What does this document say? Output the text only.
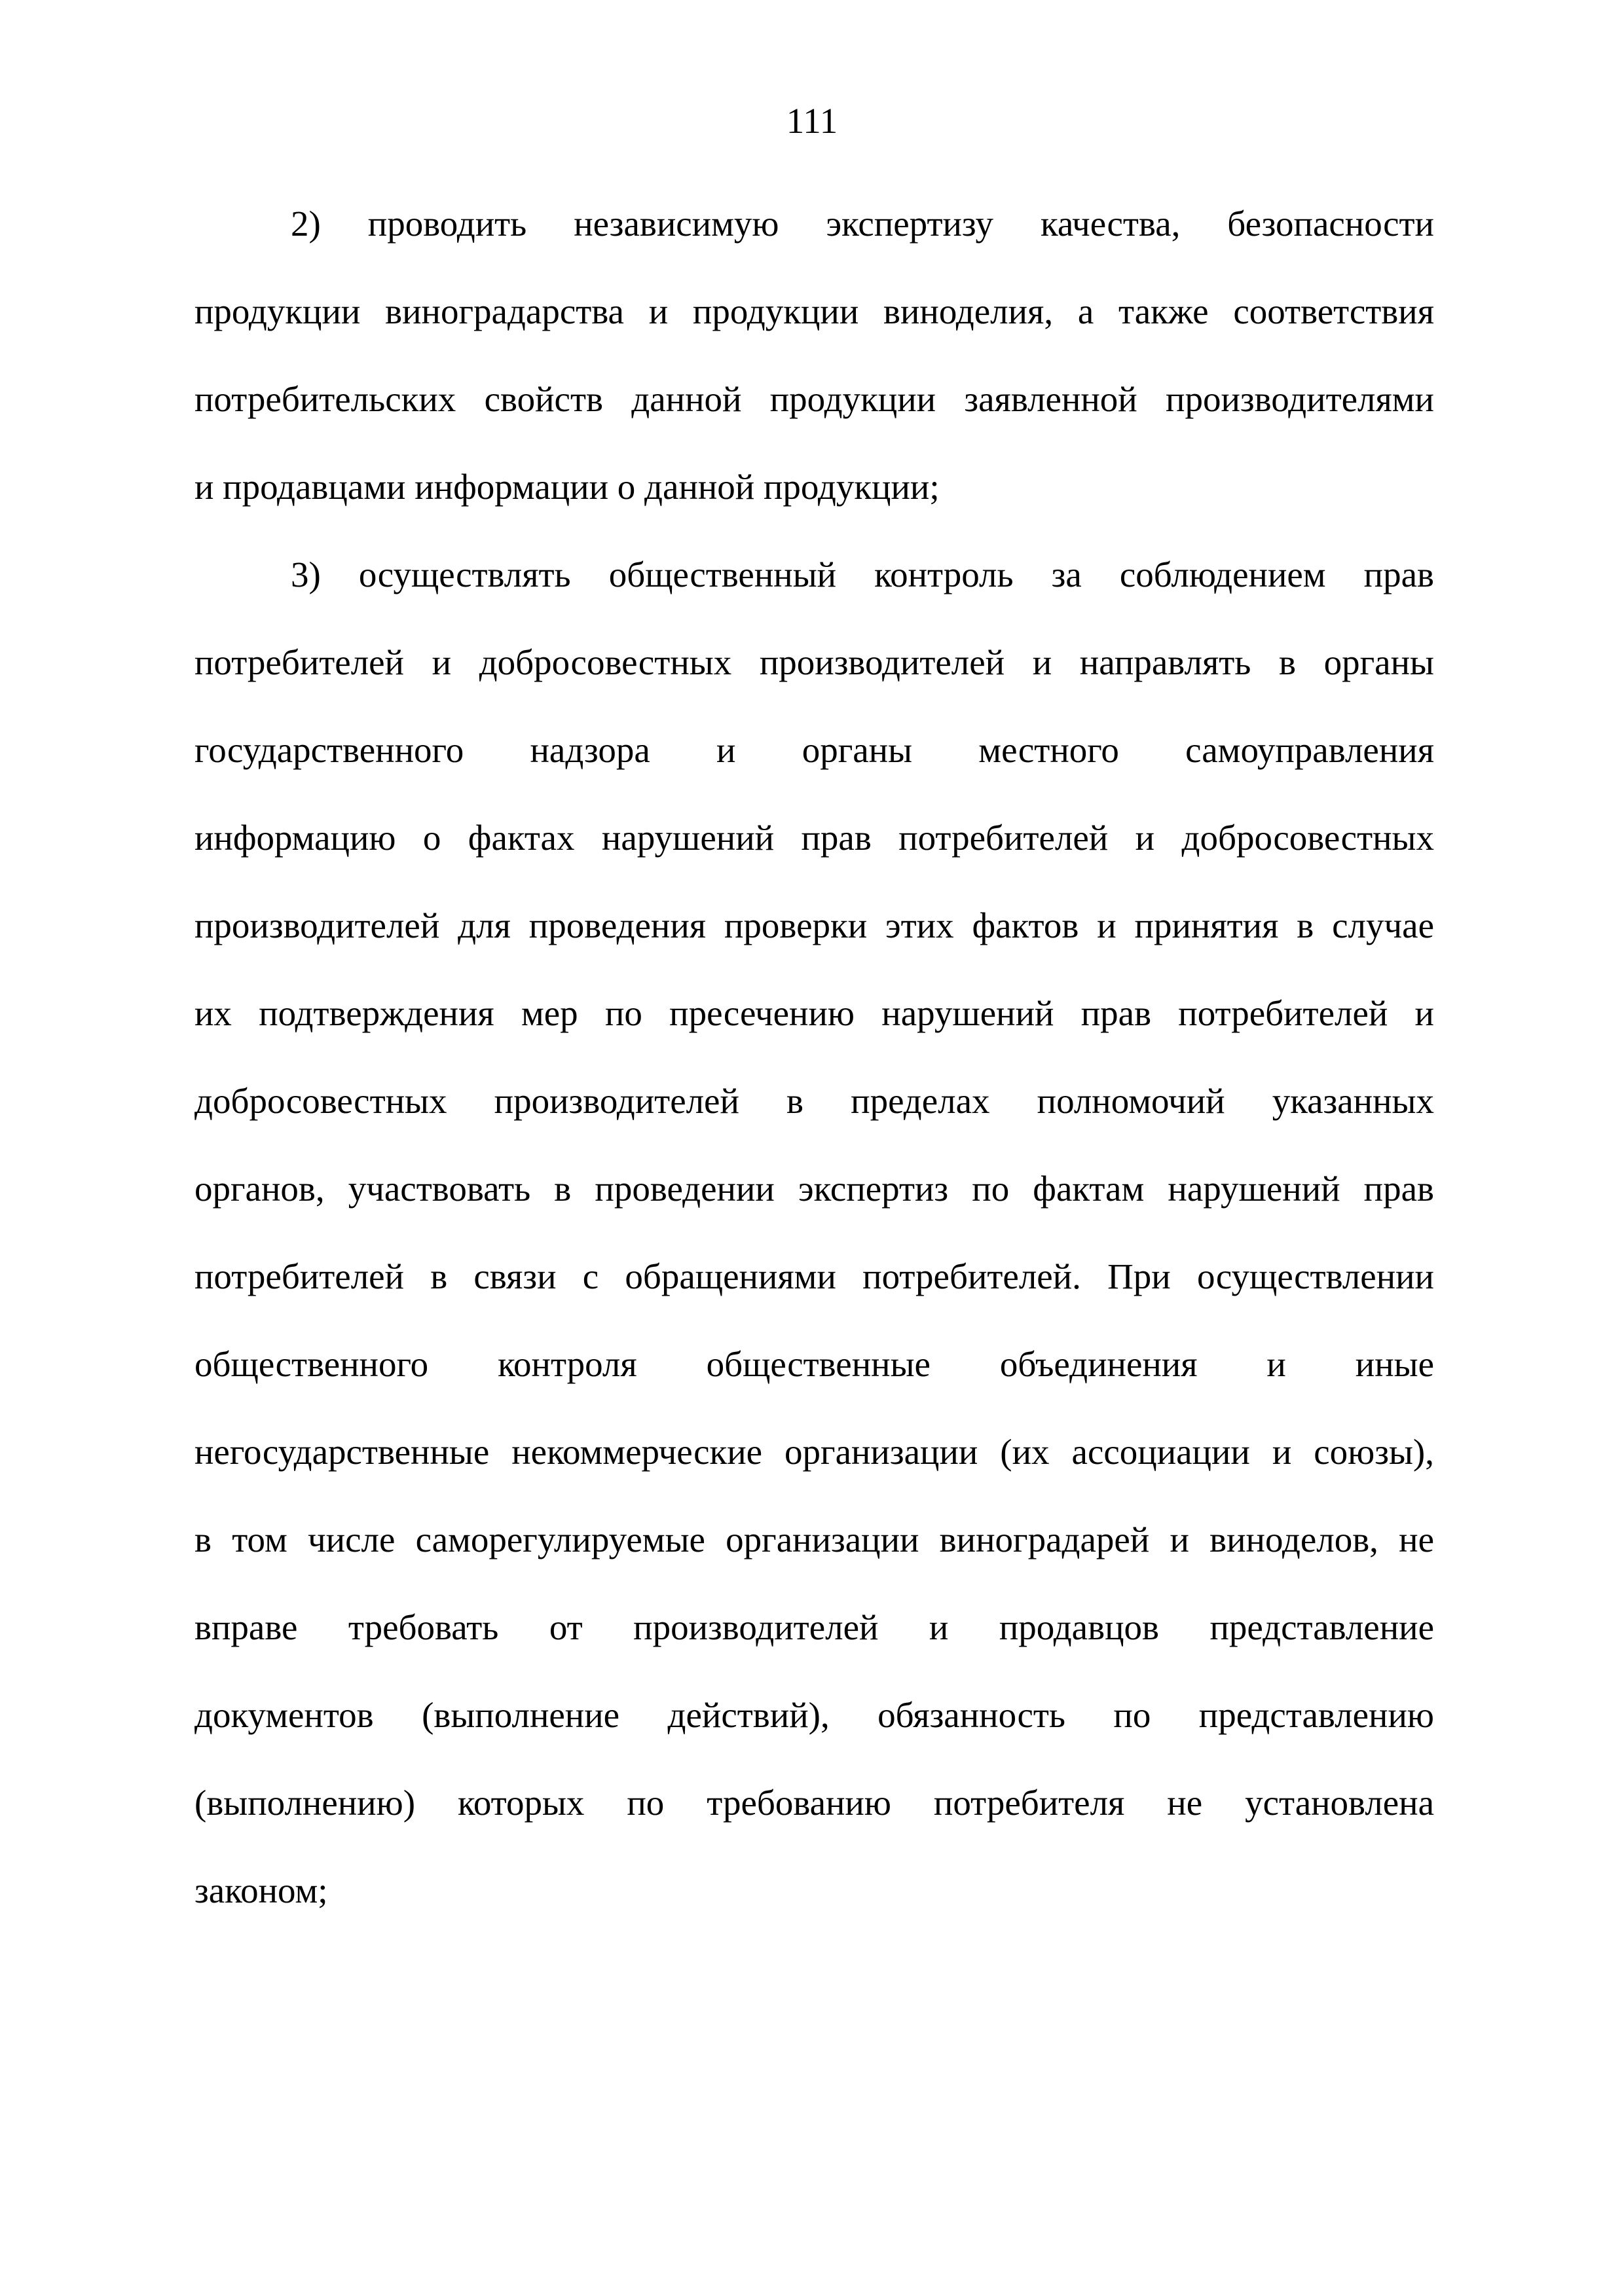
111
2) проводить независимую экспертизу качества, безопасности
продукции виноградарства и продукции виноделия, а также соответствия
потребительских свойств данной продукции заявленной производителями
и продавцами информации о данной продукции;
3) осуществлять общественный контроль за соблюдением прав
потребителей и добросовестных производителей и направлять в органы
государственного надзора и органы местного самоуправления
информацию о фактах нарушений прав потребителей и добросовестных
производителей для проведения проверки этих фактов и принятия в случае
их подтверждения мер по пресечению нарушений прав потребителей и
добросовестных производителей в пределах полномочий указанных
органов, участвовать в проведении экспертиз по фактам нарушений прав
потребителей в связи с обращениями потребителей. При осуществлении
общественного контроля общественные объединения и иные
негосударственные некоммерческие организации (их ассоциации и союзы),
в том числе саморегулируемые организации виноградарей и виноделов, не
вправе требовать от производителей и продавцов представление
документов (выполнение действий), обязанность по представлению
(выполнению) которых по требованию потребителя не установлена
законом;
